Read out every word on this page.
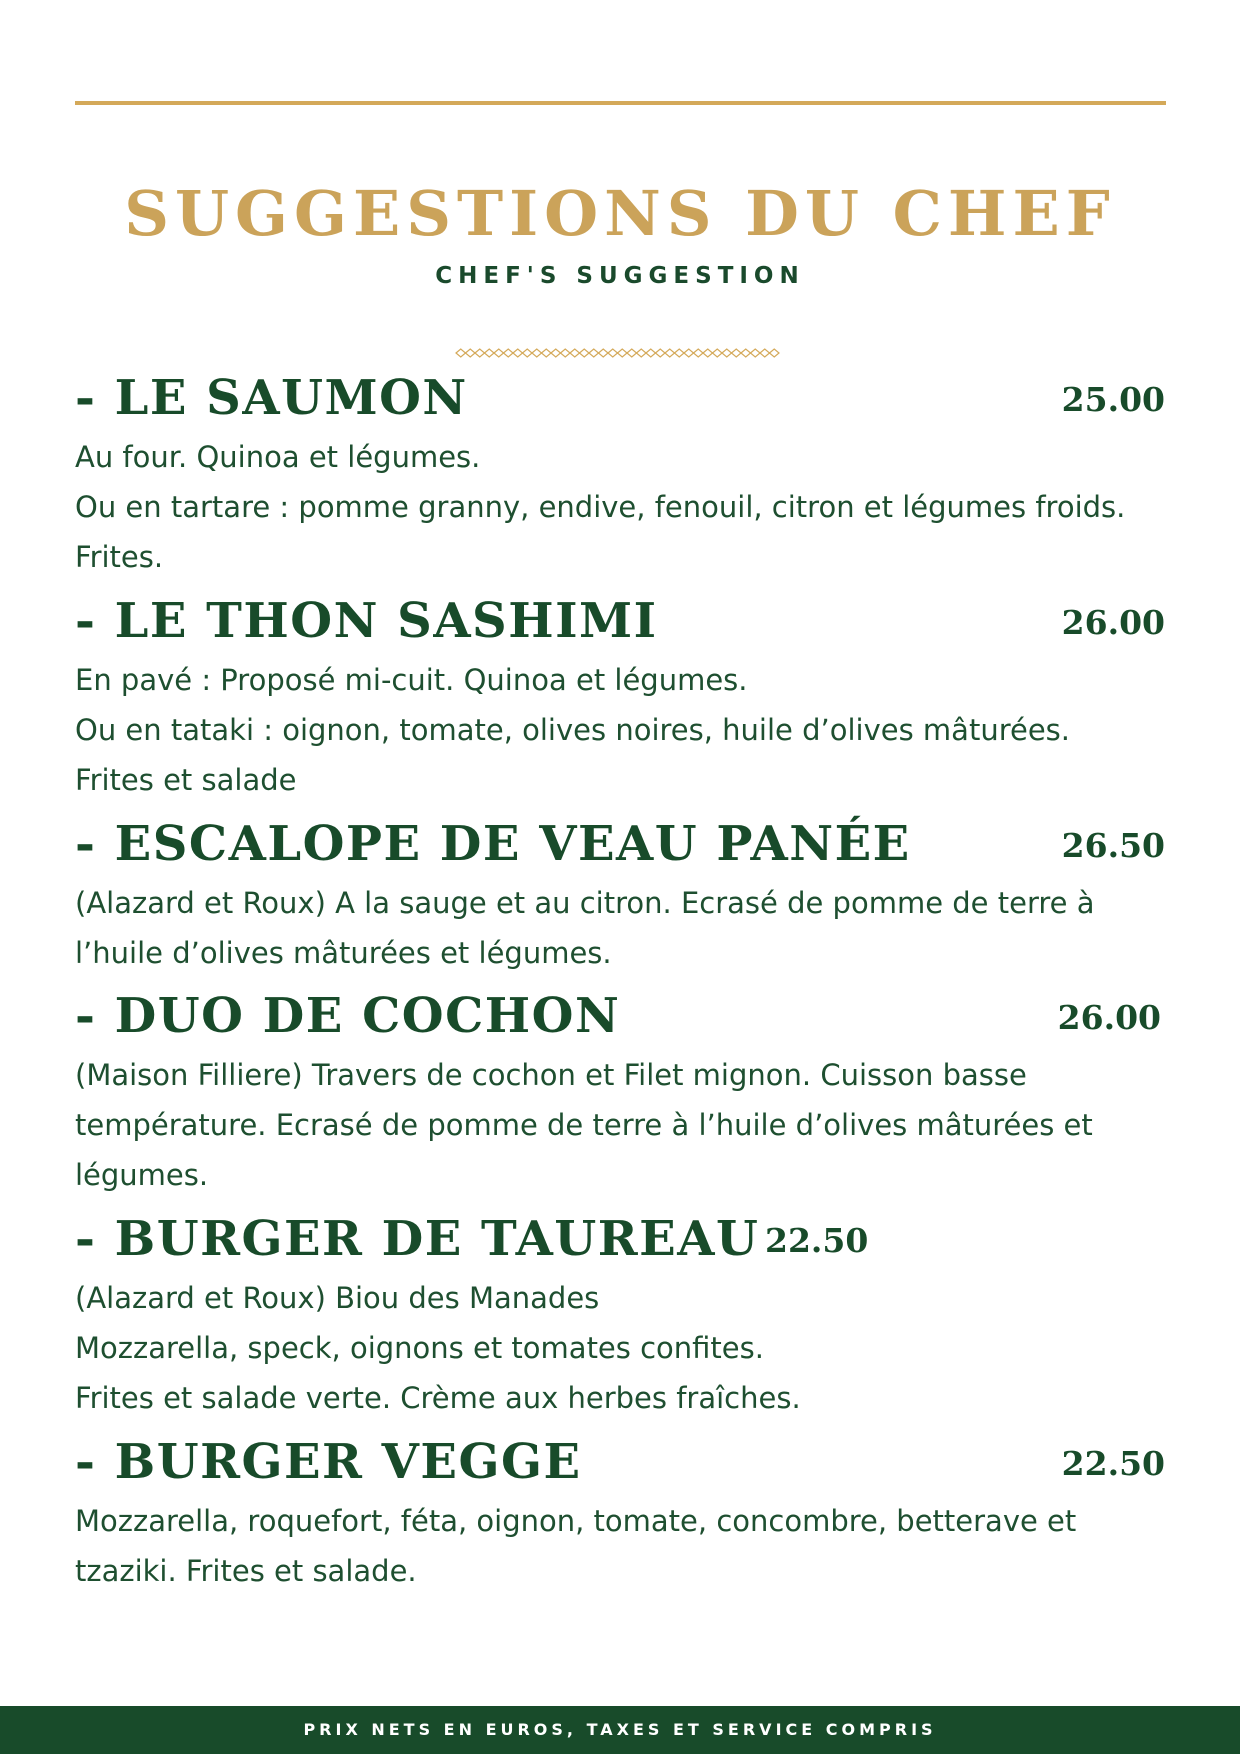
SUGGESTIONS DU CHEF
CHEF'S SUGGESTION
- LE SAUMON	25.00
Au four. Quinoa et légumes.
Ou en tartare : pomme granny, endive, fenouil, citron et légumes froids.
Frites.
- LE THON SASHIMI	26.00
En pavé : Proposé mi-cuit. Quinoa et légumes.
Ou en tataki : oignon, tomate, olives noires, huile d’olives mâturées.
Frites et salade
- ESCALOPE DE VEAU PANÉE	26.50
(Alazard et Roux) A la sauge et au citron. Ecrasé de pomme de terre à
l’huile d’olives mâturées et légumes.
- DUO DE COCHON	26.00
(Maison Filliere) Travers de cochon et Filet mignon. Cuisson basse
température. Ecrasé de pomme de terre à l’huile d’olives mâturées et
légumes.
- BURGER DE TAUREAU 22.50
(Alazard et Roux) Biou des Manades
Mozzarella, speck, oignons et tomates confites.
Frites et salade verte. Crème aux herbes fraîches.
- BURGER VEGGE	22.50
Mozzarella, roquefort, féta, oignon, tomate, concombre, betterave et
tzaziki. Frites et salade.
PRIX NETS EN EUROS, TAXES ET SERVICE COMPRIS
